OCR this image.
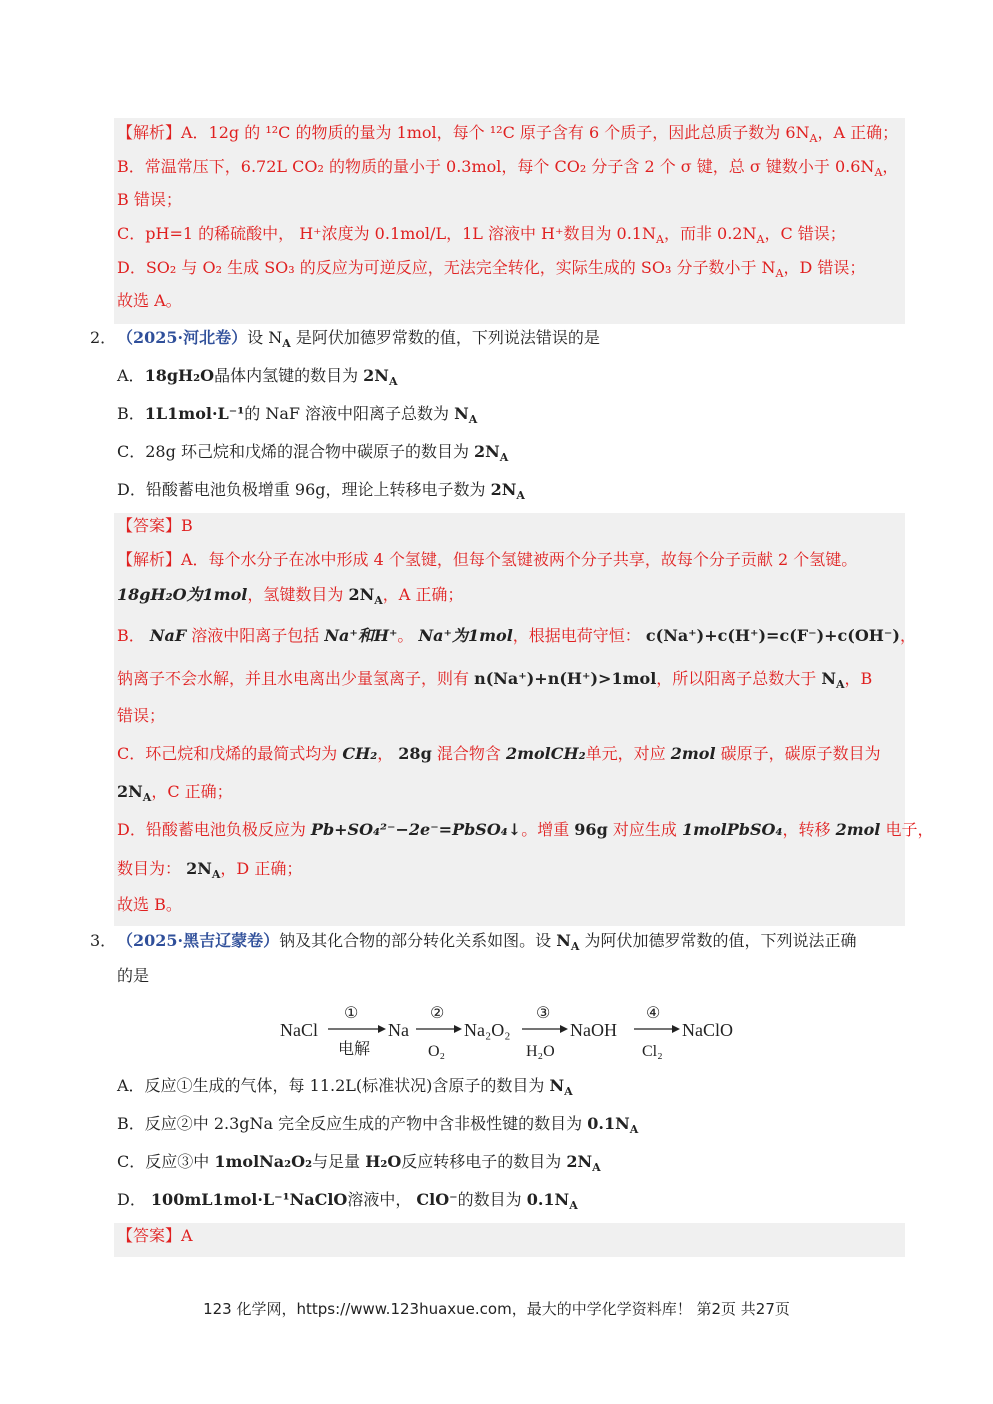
【解析】A．12g 的 ¹²C 的物质的量为 1mol，每个 ¹²C 原子含有 6 个质子，因此总质子数为 $6N_A$，A 正确；
B．常温常压下，6.72L CO₂ 的物质的量小于 0.3mol，每个 CO₂ 分子含 2 个 σ 键，总 σ 键数小于 $0.6N_A$，
B 错误；
C．pH=1 的稀硫酸中， H⁺浓度为 0.1mol/L，1L 溶液中 H⁺数目为 $0.1N_A$，而非 $0.2N_A$，C 错误；
D．SO₂ 与 O₂ 生成 SO₃ 的反应为可逆反应，无法完全转化，实际生成的 SO₃ 分子数小于 $N_A$，D 错误；
故选 A。
2． （2025·河北卷）设 $N_A$ 是阿伏加德罗常数的值，下列说法错误的是
A．18gH₂O晶体内氢键的数目为 $2N_A$
B．1L1mol·L⁻¹的 NaF 溶液中阳离子总数为 $N_A$
C．28g 环己烷和戊烯的混合物中碳原子的数目为 $2N_A$
D．铅酸蓄电池负极增重 96g，理论上转移电子数为 $2N_A$
【答案】B
【解析】A．每个水分子在冰中形成 4 个氢键，但每个氢键被两个分子共享，故每个分子贡献 2 个氢键。
18gH₂O为1mol，氢键数目为 $2N_A$，A 正确；
B． NaF 溶液中阳离子包括 Na⁺和H⁺。 Na⁺为1mol，根据电荷守恒： c(Na⁺)+c(H⁺)=c(F⁻)+c(OH⁻)，
钠离子不会水解，并且水电离出少量氢离子，则有 n(Na⁺)+n(H⁺)>1mol，所以阳离子总数大于 $N_A$，B
错误；
C．环己烷和戊烯的最简式均为 CH₂， 28g 混合物含 2molCH₂单元，对应 2mol 碳原子，碳原子数目为
$2N_A$，C 正确；
D．铅酸蓄电池负极反应为 Pb+SO₄²⁻−2e⁻=PbSO₄↓。增重 96g 对应生成 1molPbSO₄，转移 2mol 电子，
数目为： $2N_A$，D 正确；
故选 B。
3． （2025·黑吉辽蒙卷）钠及其化合物的部分转化关系如图。设 $N_A$ 为阿伏加德罗常数的值，下列说法正确
的是
NaCl
①
电解
Na
②
O₂
Na₂O₂
③
H₂O
NaOH
④
Cl₂
NaClO
A．反应①生成的气体，每 11.2L(标准状况)含原子的数目为 $N_A$
B．反应②中 2.3gNa 完全反应生成的产物中含非极性键的数目为 $0.1N_A$
C．反应③中 1molNa₂O₂与足量 H₂O反应转移电子的数目为 $2N_A$
D． 100mL1mol·L⁻¹NaClO溶液中， ClO⁻的数目为 $0.1N_A$
【答案】A
123 化学网，https://www.123huaxue.com，最大的中学化学资料库！ 第2页 共27页
